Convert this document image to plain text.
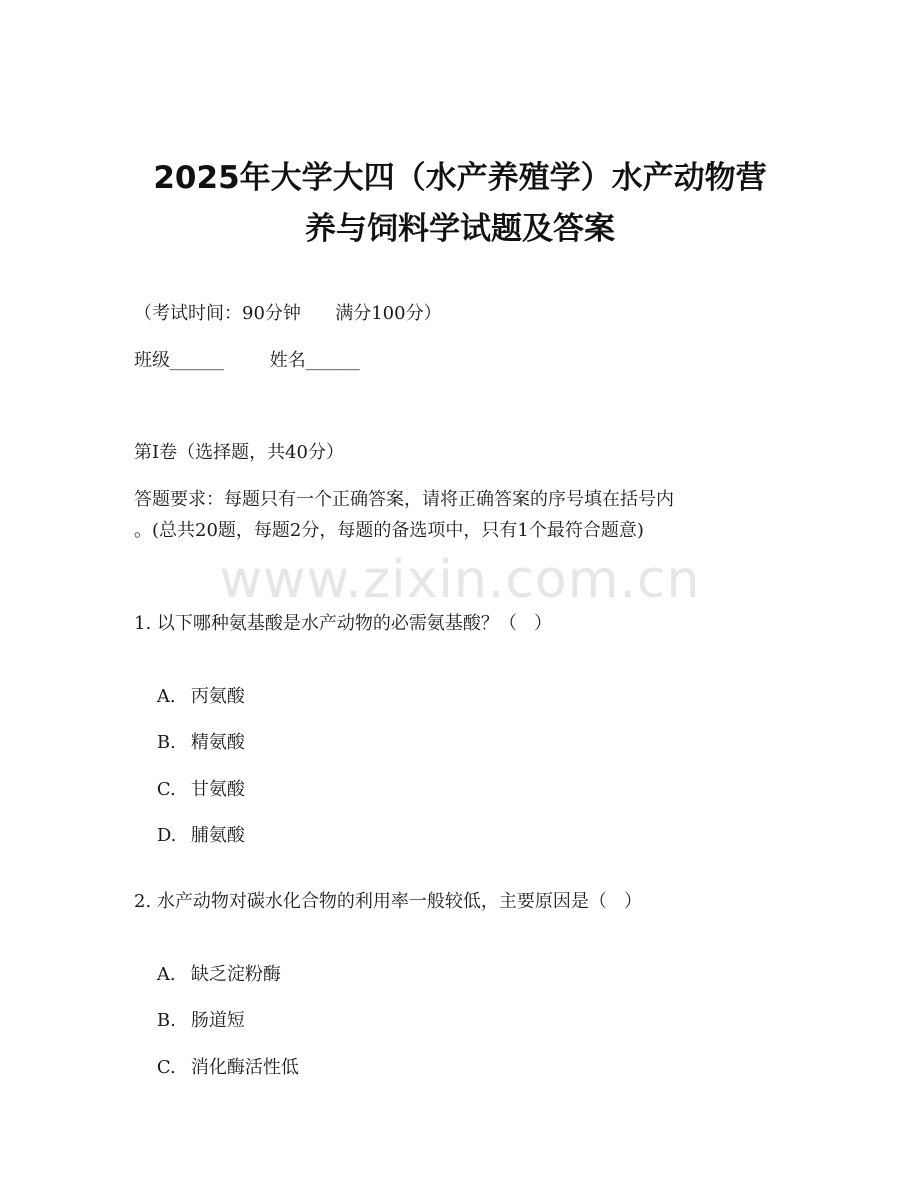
2025年大学大四（水产养殖学）水产动物营
养与饲料学试题及答案
（考试时间：90分钟      满分100分）
班级______        姓名______
第I卷（选择题，共40分）
答题要求：每题只有一个正确答案，请将正确答案的序号填在括号内
。(总共20题，每题2分，每题的备选项中，只有1个最符合题意)
www.zixin.com.cn
1. 以下哪种氨基酸是水产动物的必需氨基酸？（   ）

A. 丙氨酸

B. 精氨酸

C. 甘氨酸

D. 脯氨酸

2. 水产动物对碳水化合物的利用率一般较低，主要原因是（   ）

A. 缺乏淀粉酶

B. 肠道短

C. 消化酶活性低
